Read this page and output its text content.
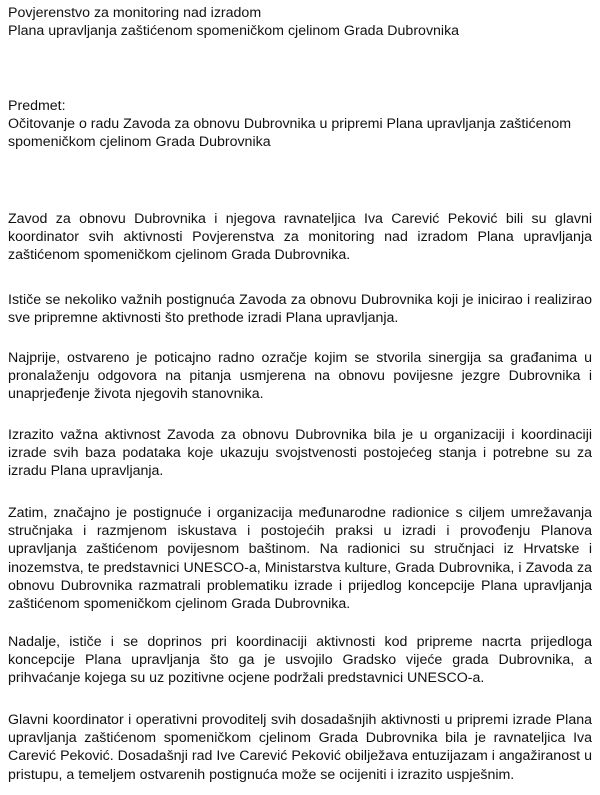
Povjerenstvo za monitoring nad izradom
Plana upravljanja zaštićenom spomeničkom cjelinom Grada Dubrovnika
Predmet:
Očitovanje o radu Zavoda za obnovu Dubrovnika u pripremi Plana upravljanja zaštićenom spomeničkom cjelinom Grada Dubrovnika

Zavod za obnovu Dubrovnika i njegova ravnateljica Iva Carević Peković bili su glavni koordinator svih aktivnosti Povjerenstva za monitoring nad izradom Plana upravljanja zaštićenom spomeničkom cjelinom Grada Dubrovnika.

Ističe se nekoliko važnih postignuća Zavoda za obnovu Dubrovnika koji je inicirao i realizirao sve pripremne aktivnosti što prethode izradi Plana upravljanja.

Najprije, ostvareno je poticajno radno ozračje kojim se stvorila sinergija sa građanima u pronalaženju odgovora na pitanja usmjerena na obnovu povijesne jezgre Dubrovnika i unaprjeđenje života njegovih stanovnika.

Izrazito važna aktivnost Zavoda za obnovu Dubrovnika bila je u organizaciji i koordinaciji izrade svih baza podataka koje ukazuju svojstvenosti postojećeg stanja i potrebne su za izradu Plana upravljanja.

Zatim, značajno je postignuće i organizacija međunarodne radionice s ciljem umrežavanja stručnjaka i razmjenom iskustava i postojećih praksi u izradi i provođenju Planova upravljanja zaštićenom povijesnom baštinom. Na radionici su stručnjaci iz Hrvatske i inozemstva, te predstavnici UNESCO-a, Ministarstva kulture, Grada Dubrovnika, i Zavoda za obnovu Dubrovnika razmatrali problematiku izrade i prijedlog koncepcije Plana upravljanja zaštićenom spomeničkom cjelinom Grada Dubrovnika.

Nadalje, ističe i se doprinos pri koordinaciji aktivnosti kod pripreme nacrta prijedloga koncepcije Plana upravljanja što ga je usvojilo Gradsko vijeće grada Dubrovnika, a prihvaćanje kojega su uz pozitivne ocjene podržali predstavnici UNESCO-a.

Glavni koordinator i operativni provoditelj svih dosadašnjih aktivnosti u pripremi izrade Plana upravljanja zaštićenom spomeničkom cjelinom Grada Dubrovnika bila je ravnateljica Iva Carević Peković. Dosadašnji rad Ive Carević Peković obilježava entuzijazam i angažiranost u pristupu, a temeljem ostvarenih postignuća može se ocijeniti i izrazito uspješnim.
